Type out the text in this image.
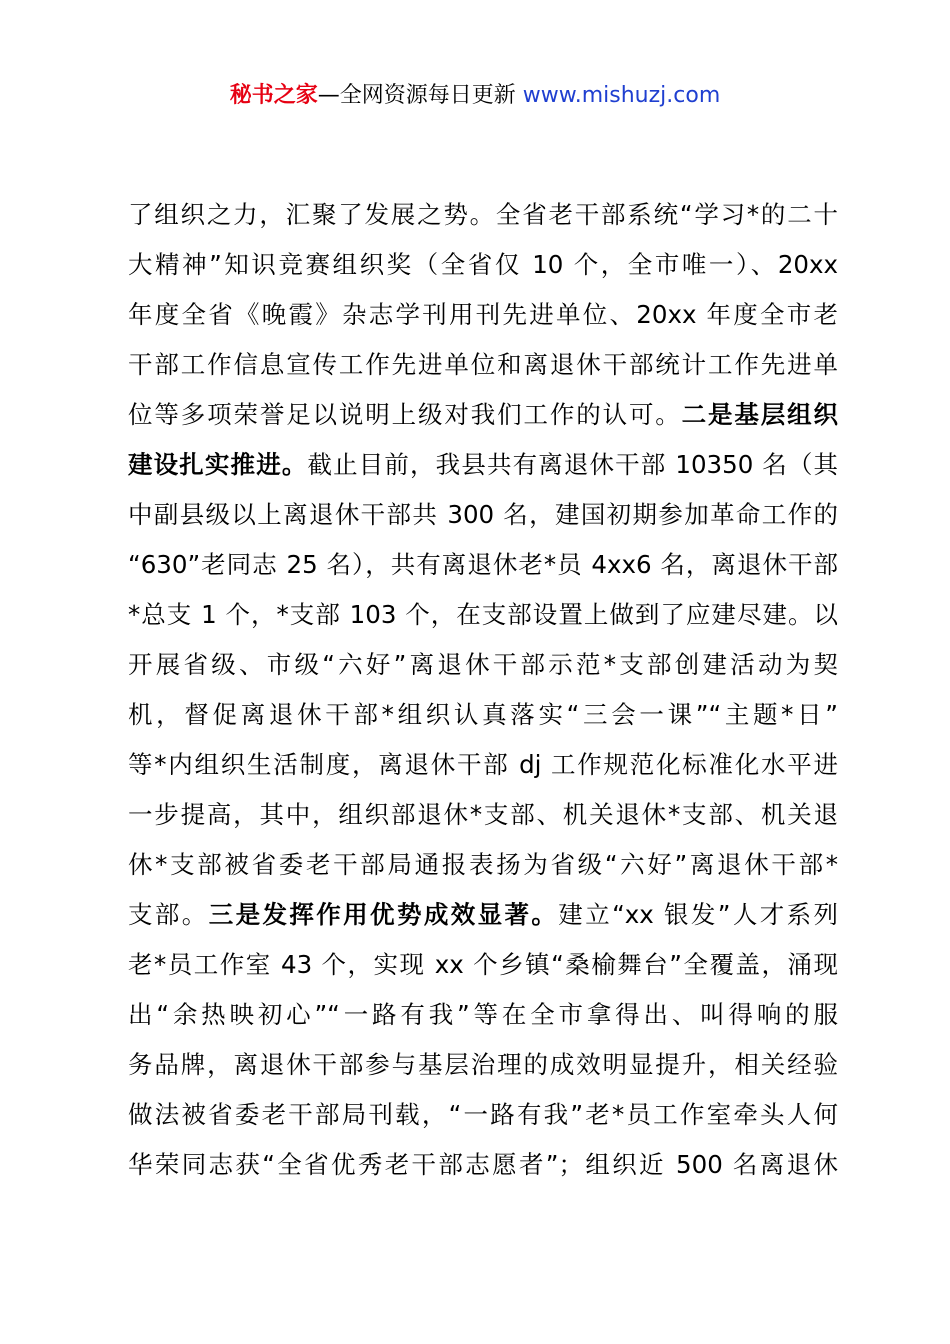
秘书之家—全网资源每日更新 www.mishuzj.com
了组织之力，汇聚了发展之势。全省老干部系统“学习*的二十
大精神”知识竞赛组织奖（全省仅 10 个，全市唯一）、20xx
年度全省《晚霞》杂志学刊用刊先进单位、20xx 年度全市老
干部工作信息宣传工作先进单位和离退休干部统计工作先进单
位等多项荣誉足以说明上级对我们工作的认可。二是基层组织
建设扎实推进。截止目前，我县共有离退休干部 10350 名（其
中副县级以上离退休干部共 300 名，建国初期参加革命工作的
“630”老同志 25 名），共有离退休老*员 4xx6 名，离退休干部
*总支 1 个，*支部 103 个，在支部设置上做到了应建尽建。以
开展省级、市级“六好”离退休干部示范*支部创建活动为契
机，督促离退休干部*组织认真落实“三会一课”“主题*日”
等*内组织生活制度，离退休干部 dj 工作规范化标准化水平进
一步提高，其中，组织部退休*支部、机关退休*支部、机关退
休*支部被省委老干部局通报表扬为省级“六好”离退休干部*
支部。三是发挥作用优势成效显著。建立“xx 银发”人才系列
老*员工作室 43 个，实现 xx 个乡镇“桑榆舞台”全覆盖，涌现
出“余热映初心”“一路有我”等在全市拿得出、叫得响的服
务品牌，离退休干部参与基层治理的成效明显提升，相关经验
做法被省委老干部局刊载，“一路有我”老*员工作室牵头人何
华荣同志获“全省优秀老干部志愿者”；组织近 500 名离退休
